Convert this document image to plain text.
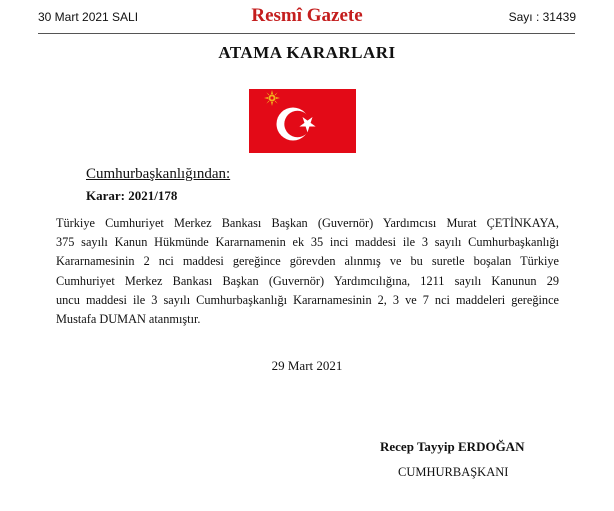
30 Mart 2021 SALI	Resmî Gazete	Sayı : 31439
ATAMA KARARLARI
Cumhurbaşkanlığından:
Karar: 2021/178
Türkiye Cumhuriyet Merkez Bankası Başkan (Guvernör) Yardımcısı Murat ÇETİNKAYA,
375 sayılı Kanun Hükmünde Kararnamenin ek 35 inci maddesi ile 3 sayılı Cumhurbaşkanlığı
Kararnamesinin 2 nci maddesi gereğince görevden alınmış ve bu suretle boşalan Türkiye
Cumhuriyet Merkez Bankası Başkan (Guvernör) Yardımcılığına, 1211 sayılı Kanunun 29
uncu maddesi ile 3 sayılı Cumhurbaşkanlığı Kararnamesinin 2, 3 ve 7 nci maddeleri gereğince
Mustafa DUMAN atanmıştır.
29 Mart 2021
Recep Tayyip ERDOĞAN
CUMHURBAŞKANI
